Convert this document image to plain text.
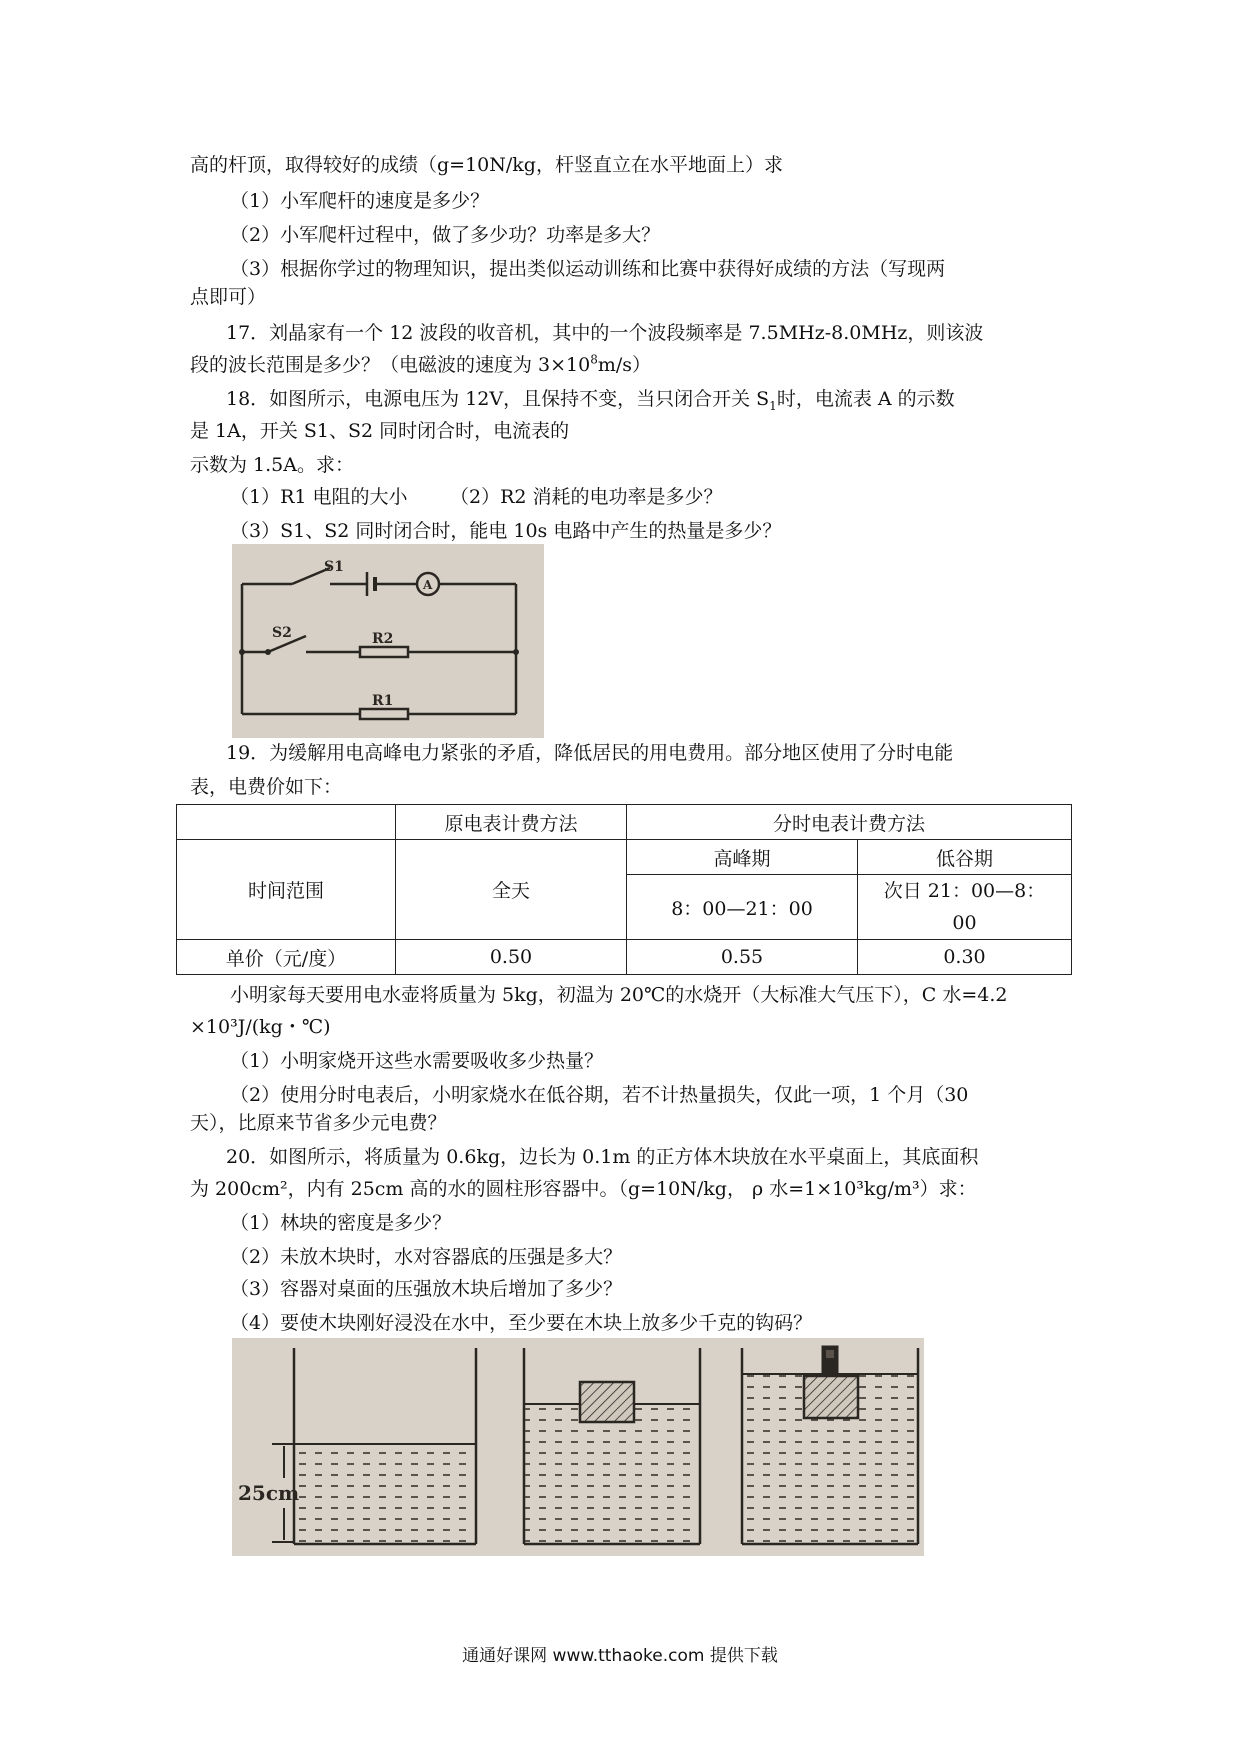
高的杆顶，取得较好的成绩（g=10N/kg，杆竖直立在水平地面上）求
（1）小军爬杆的速度是多少？
（2）小军爬杆过程中，做了多少功？功率是多大？
（3）根据你学过的物理知识，提出类似运动训练和比赛中获得好成绩的方法（写现两
点即可）
17．刘晶家有一个 12 波段的收音机，其中的一个波段频率是 7.5MHz-8.0MHz，则该波
段的波长范围是多少？（电磁波的速度为 $3\times 10^8m/s$）
18．如图所示，电源电压为 12V，且保持不变，当只闭合开关 $S_1$时，电流表 A 的示数
是 1A，开关 S1、S2 同时闭合时，电流表的
示数为 1.5A。求：
（1）R1 电阻的大小 （2）R2 消耗的电功率是多少？
（3）S1、S2 同时闭合时，能电 10s 电路中产生的热量是多少？
S1
S2
A
R2
R1
19．为缓解用电高峰电力紧张的矛盾，降低居民的用电费用。部分地区使用了分时电能
表，电费价如下：
	原电表计费方法	分时电表计费方法	
时间范围	全天	高峰期	低谷期
		8：00—21：00	次日 21：00—8：
00
单价（元/度）	0.50	0.55	0.30
小明家每天要用电水壶将质量为 5kg，初温为 20℃的水烧开（大标准大气压下），C 水=4.2
×10³J/(kg・℃)
（1）小明家烧开这些水需要吸收多少热量？
（2）使用分时电表后，小明家烧水在低谷期，若不计热量损失，仅此一项，1 个月（30
天），比原来节省多少元电费？
20．如图所示，将质量为 0.6kg，边长为 0.1m 的正方体木块放在水平桌面上，其底面积
为 200cm²，内有 25cm 高的水的圆柱形容器中。（g=10N/kg， ρ 水=1×10³kg/m³）求：
（1）林块的密度是多少？
（2）未放木块时，水对容器底的压强是多大？
（3）容器对桌面的压强放木块后增加了多少？
（4）要使木块刚好浸没在水中，至少要在木块上放多少千克的钩码？
25cm
通通好课网 www.tthaoke.com 提供下载
